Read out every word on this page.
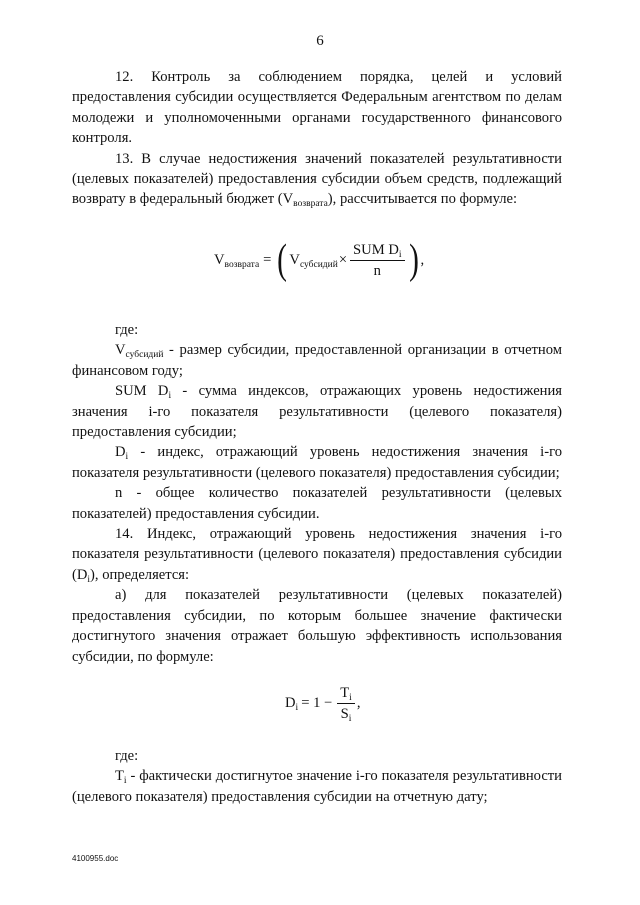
6

12. Контроль за соблюдением порядка, целей и условий предоставления субсидии осуществляется Федеральным агентством по делам молодежи и уполномоченными органами государственного финансового контроля.

13. В случае недостижения значений показателей результативности (целевых показателей) предоставления субсидии объем средств, подлежащий возврату в федеральный бюджет $(V_{возврата})$, рассчитывается по формуле:

$V_{возврата}$ = ( $V_{субсидий} \times \frac{SUM D_i}{n}$ ) ,

где:

$V_{субсидий}$ - размер субсидии, предоставленной организации в отчетном финансовом году;

SUM $D_i$ - сумма индексов, отражающих уровень недостижения значения i-го показателя результативности (целевого показателя) предоставления субсидии;

$D_i$ - индекс, отражающий уровень недостижения значения i-го показателя результативности (целевого показателя) предоставления субсидии;

n - общее количество показателей результативности (целевых показателей) предоставления субсидии.

14. Индекс, отражающий уровень недостижения значения i-го показателя результативности (целевого показателя) предоставления субсидии $(D_i)$, определяется:

а) для показателей результативности (целевых показателей) предоставления субсидии, по которым большее значение фактически достигнутого значения отражает большую эффективность использования субсидии, по формуле:

$D_i = 1 - \frac{T_i}{S_i}$ ,

где:

$T_i$ - фактически достигнутое значение i-го показателя результативности (целевого показателя) предоставления субсидии на отчетную дату;

4100955.doc
